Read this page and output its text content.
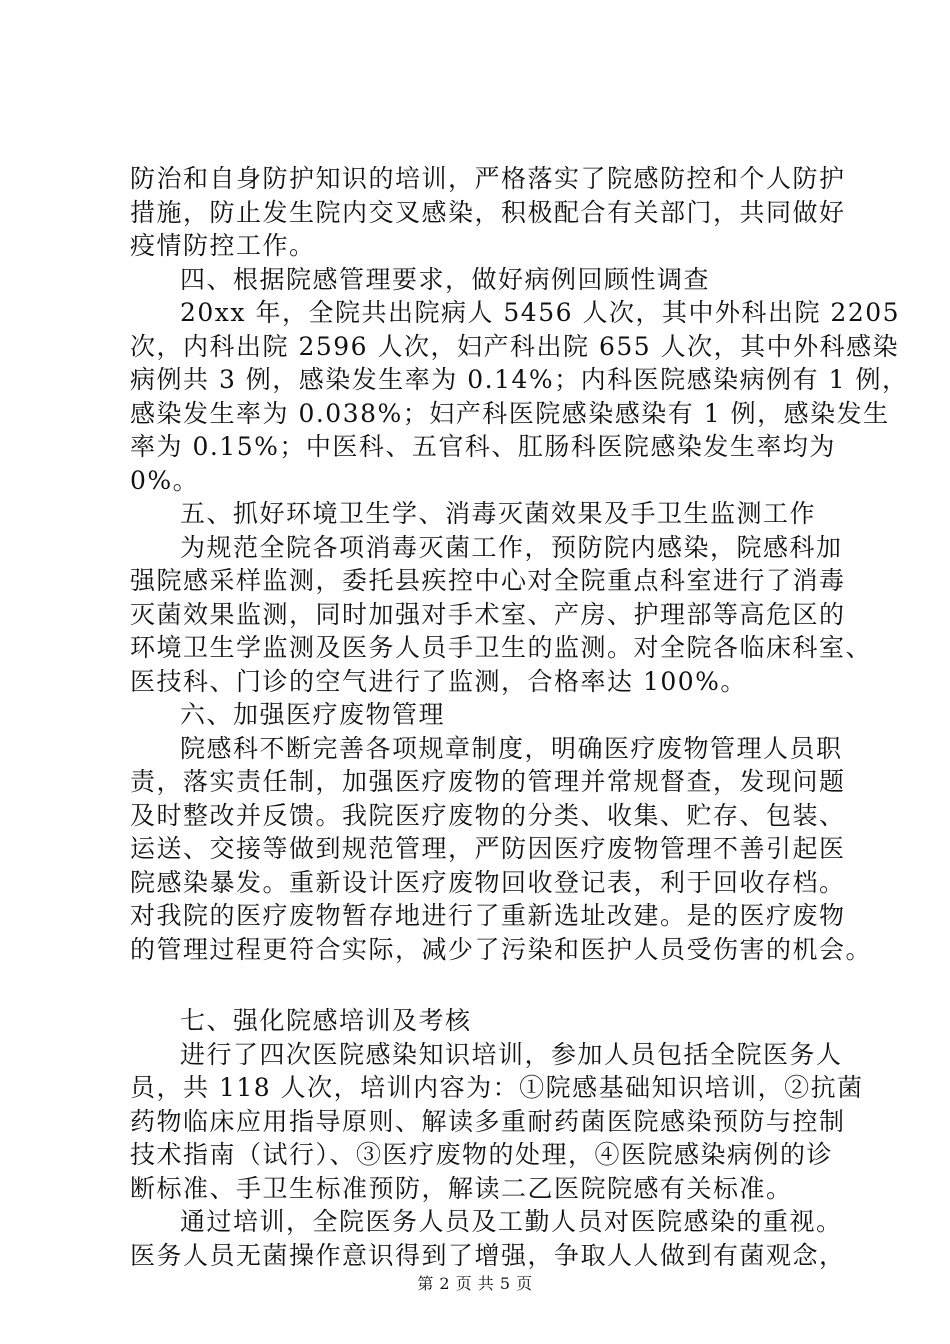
防治和自身防护知识的培训，严格落实了院感防控和个人防护
措施，防止发生院内交叉感染，积极配合有关部门，共同做好
疫情防控工作。
四、根据院感管理要求，做好病例回顾性调查
20xx 年，全院共出院病人 5456 人次，其中外科出院 2205
次，内科出院 2596 人次，妇产科出院 655 人次，其中外科感染
病例共 3 例，感染发生率为 0.14%；内科医院感染病例有 1 例，
感染发生率为 0.038%；妇产科医院感染感染有 1 例，感染发生
率为 0.15%；中医科、五官科、肛肠科医院感染发生率均为
0%。
五、抓好环境卫生学、消毒灭菌效果及手卫生监测工作
为规范全院各项消毒灭菌工作，预防院内感染，院感科加
强院感采样监测，委托县疾控中心对全院重点科室进行了消毒
灭菌效果监测，同时加强对手术室、产房、护理部等高危区的
环境卫生学监测及医务人员手卫生的监测。对全院各临床科室、
医技科、门诊的空气进行了监测，合格率达 100%。
六、加强医疗废物管理
院感科不断完善各项规章制度，明确医疗废物管理人员职
责，落实责任制，加强医疗废物的管理并常规督查，发现问题
及时整改并反馈。我院医疗废物的分类、收集、贮存、包装、
运送、交接等做到规范管理，严防因医疗废物管理不善引起医
院感染暴发。重新设计医疗废物回收登记表，利于回收存档。
对我院的医疗废物暂存地进行了重新选址改建。是的医疗废物
的管理过程更符合实际，减少了污染和医护人员受伤害的机会。
七、强化院感培训及考核
进行了四次医院感染知识培训，参加人员包括全院医务人
员，共 118 人次，培训内容为：①院感基础知识培训，②抗菌
药物临床应用指导原则、解读多重耐药菌医院感染预防与控制
技术指南（试行）、③医疗废物的处理，④医院感染病例的诊
断标准、手卫生标准预防，解读二乙医院院感有关标准。
通过培训，全院医务人员及工勤人员对医院感染的重视。
医务人员无菌操作意识得到了增强，争取人人做到有菌观念，
第 2 页 共 5 页
